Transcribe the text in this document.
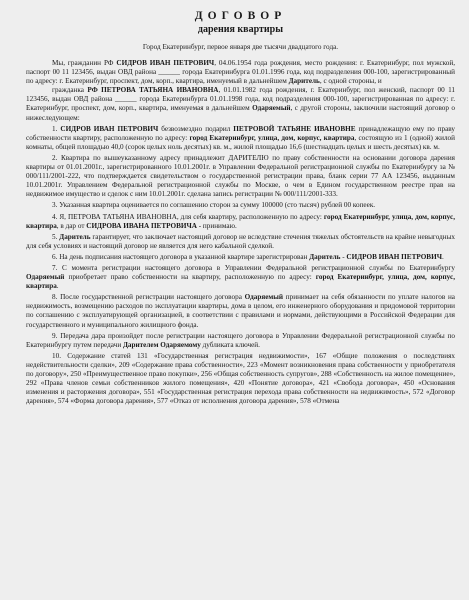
ДОГОВОР
дарения квартиры
Город Екатеринбург, первое января две тысячи двадцатого года.

Мы, гражданин РФ СИДРОВ ИВАН ПЕТРОВИЧ, 04.06.1954 года рождения, место рождения: г. Екатеринбург, пол мужской, паспорт 00 11 123456, выдан ОВД района ______ города Екатеринбурга 01.01.1996 года, код подразделения 000-100, зарегистрированный по адресу: г. Екатеринбург, проспект, дом, корп., квартира, именуемый в дальнейшем Даритель, с одной стороны, и

гражданка РФ ПЕТРОВА ТАТЬЯНА ИВАНОВНА, 01.01.1982 года рождения, г. Екатеринбург, пол женский, паспорт 00 11 123456, выдан ОВД района ______ города Екатеринбурга 01.01.1998 года, код подразделения 000-100, зарегистрированная по адресу: г. Екатеринбург, проспект, дом, корп., квартира, именуемая в дальнейшем Одаряемый, с другой стороны, заключили настоящий договор о нижеследующем:

1. СИДРОВ ИВАН ПЕТРОВИЧ безвозмездно подарил ПЕТРОВОЙ ТАТЬЯНЕ ИВАНОВНЕ принадлежащую ему по праву собственности квартиру, расположенную по адресу: город Екатеринбург, улица, дом, корпус, квартира, состоящую из 1 (одной) жилой комнаты, общей площадью 40,0 (сорок целых ноль десятых) кв. м., жилой площадью 16,6 (шестнадцать целых и шесть десятых) кв. м.

2. Квартира по вышеуказанному адресу принадлежит ДАРИТЕЛЮ по праву собственности на основании договора дарения квартиры от 01.01.2001г., зарегистрированного 10.01.2001г. в Управлении Федеральной регистрационной службы по Екатеринбургу за № 000/111/2001-222, что подтверждается свидетельством о государственной регистрации права, бланк серии 77 АА 123456, выданным 10.01.2001г. Управлением Федеральной регистрационной службы по Москве, о чем в Едином государственном реестре прав на недвижимое имущество и сделок с ним 10.01.2001г. сделана запись регистрации № 000/111/2001-333.

3. Указанная квартира оценивается по соглашению сторон за сумму 100000 (сто тысяч) рублей 00 копеек.

4. Я, ПЕТРОВА ТАТЬЯНА ИВАНОВНА, для себя квартиру, расположенную по адресу: город Екатеринбург, улица, дом, корпус, квартира, в дар от СИДРОВА ИВАНА ПЕТРОВИЧА - принимаю.

5. Даритель гарантирует, что заключает настоящий договор не вследствие стечения тяжелых обстоятельств на крайне невыгодных для себя условиях и настоящий договор не является для него кабальной сделкой.

6. На день подписания настоящего договора в указанной квартире зарегистрирован Даритель - СИДРОВ ИВАН ПЕТРОВИЧ.

7. С момента регистрации настоящего договора в Управлении Федеральной регистрационной службы по Екатеринбургу Одаряемый приобретает право собственности на квартиру, расположенную по адресу: город Екатеринбург, улица, дом, корпус, квартира.

8. После государственной регистрации настоящего договора Одаряемый принимает на себя обязанности по уплате налогов на недвижимость, возмещению расходов по эксплуатации квартиры, дома в целом, его инженерного оборудования и придомовой территории по соглашению с эксплуатирующей организацией, в соответствии с правилами и нормами, действующими в Российской Федерации для государственного и муниципального жилищного фонда.

9. Передача дара произойдет после регистрации настоящего договора в Управлении Федеральной регистрационной службы по Екатеринбургу путем передачи Дарителем Одаряемому дубликата ключей.

10. Содержание статей 131 «Государственная регистрация недвижимости», 167 «Общие положения о последствиях недействительности сделки», 209 «Содержание права собственности», 223 «Момент возникновения права собственности у приобретателя по договору», 250 «Преимущественное право покупки», 256 «Общая собственность супругов», 288 «Собственность на жилое помещение», 292 «Права членов семьи собственников жилого помещения», 420 «Понятие договора», 421 «Свобода договора», 450 «Основания изменения и расторжения договора», 551 «Государственная регистрация перехода права собственности на недвижимость», 572 «Договор дарения», 574 «Форма договора дарения», 577 «Отказ от исполнения договора дарения», 578 «Отмена
